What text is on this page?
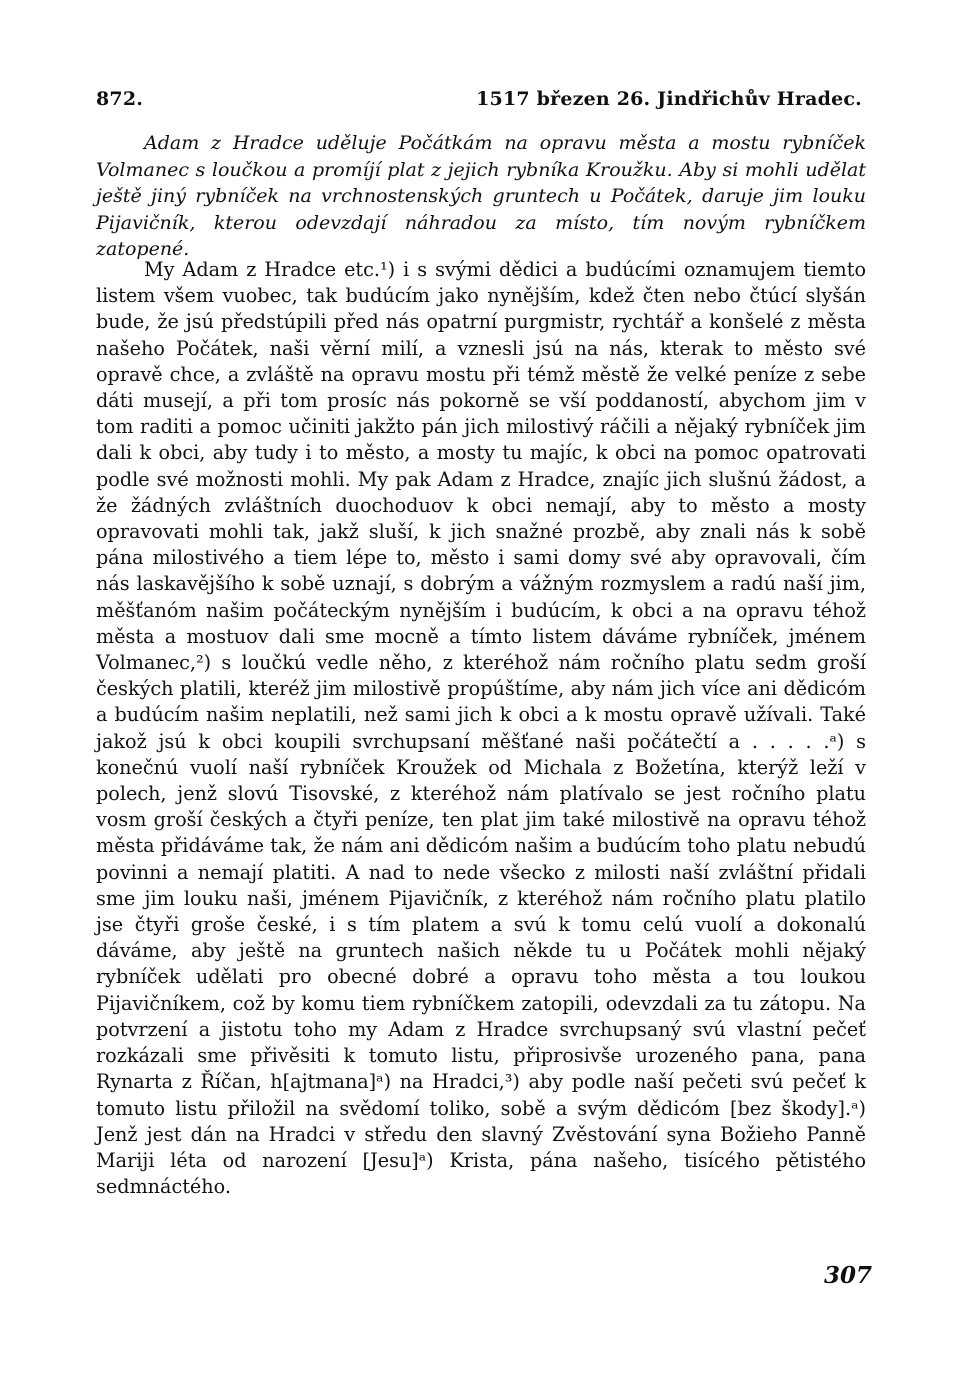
872.	1517 březen 26. Jindřichův Hradec.

Adam z Hradce uděluje Počátkám na opravu města a mostu rybníček Volmanec s loučkou a promíjí plat z jejich rybníka Kroužku. Aby si mohli udělat ještě jiný rybníček na vrchnostenských gruntech u Počátek, daruje jim louku Pijavičník, kterou odevzdají náhradou za místo, tím novým rybníčkem zatopené.

My Adam z Hradce etc.¹) i s svými dědici a budúcími oznamujem tiemto listem všem vuobec, tak budúcím jako nynějším, kdež čten nebo čtúcí slyšán bude, že jsú předstúpili před nás opatrní purgmistr, rychtář a konšelé z města našeho Počátek, naši věrní milí, a vznesli jsú na nás, kterak to město své opravě chce, a zvláště na opravu mostu při témž městě že velké peníze z sebe dáti musejí, a při tom prosíc nás pokorně se vší poddaností, abychom jim v tom raditi a pomoc učiniti jakžto pán jich milostivý ráčili a nějaký rybníček jim dali k obci, aby tudy i to město, a mosty tu majíc, k obci na pomoc opatrovati podle své možnosti mohli. My pak Adam z Hradce, znajíc jich slušnú žádost, a že žádných zvláštních duochoduov k obci nemají, aby to město a mosty opravovati mohli tak, jakž sluší, k jich snažné prozbě, aby znali nás k sobě pána milostivého a tiem lépe to, město i sami domy své aby opravovali, čím nás laskavějšího k sobě uznají, s dobrým a vážným rozmyslem a radú naší jim, měšťanóm našim počáteckým nynějším i budúcím, k obci a na opravu téhož města a mostuov dali sme mocně a tímto listem dáváme rybníček, jménem Volmanec,²) s loučkú vedle něho, z kteréhož nám ročního platu sedm groší českých platili, kteréž jim milostivě propúštíme, aby nám jich více ani dědicóm a budúcím našim neplatili, než sami jich k obci a k mostu opravě užívali. Také jakož jsú k obci koupili svrchupsaní měšťané naši počátečtí a . . . . .ᵃ) s konečnú vuolí naší rybníček Kroužek od Michala z Božetína, kterýž leží v polech, jenž slovú Tisovské, z kteréhož nám platívalo se jest ročního platu vosm groší českých a čtyři peníze, ten plat jim také milostivě na opravu téhož města přidáváme tak, že nám ani dědicóm našim a budúcím toho platu nebudú povinni a nemají platiti. A nad to nede všecko z milosti naší zvláštní přidali sme jim louku naši, jménem Pijavičník, z kteréhož nám ročního platu platilo jse čtyři groše české, i s tím platem a svú k tomu celú vuolí a dokonalú dáváme, aby ještě na gruntech našich někde tu u Počátek mohli nějaký rybníček udělati pro obecné dobré a opravu toho města a tou loukou Pijavičníkem, což by komu tiem rybníčkem zatopili, odevzdali za tu zátopu. Na potvrzení a jistotu toho my Adam z Hradce svrchupsaný svú vlastní pečeť rozkázali sme přivěsiti k tomuto listu, připrosivše urozeného pana, pana Rynarta z Říčan, h[ajtmana]ᵃ) na Hradci,³) aby podle naší pečeti svú pečeť k tomuto listu přiložil na svědomí toliko, sobě a svým dědicóm [bez škody].ᵃ) Jenž jest dán na Hradci v středu den slavný Zvěstování syna Božieho Panně Mariji léta od narození [Jesu]ᵃ) Krista, pána našeho, tisícého pětistého sedmnáctého.

307
